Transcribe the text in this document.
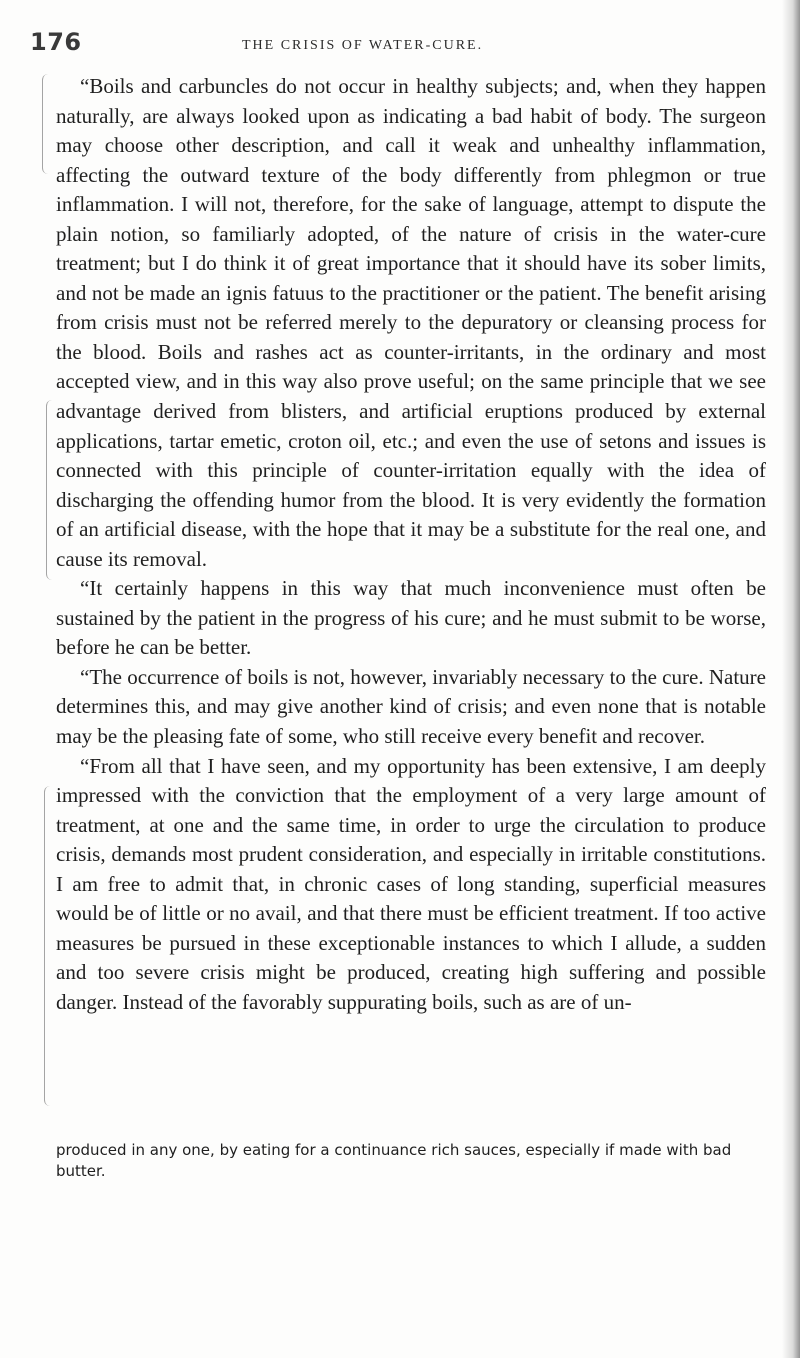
176	THE CRISIS OF WATER-CURE.

“Boils and carbuncles do not occur in healthy subjects; and, when they happen naturally, are always looked upon as indicating a bad habit of body. The surgeon may choose other description, and call it weak and unhealthy inflammation, affecting the outward texture of the body differently from phlegmon or true inflammation. I will not, therefore, for the sake of language, attempt to dispute the plain notion, so familiarly adopted, of the nature of crisis in the water-cure treatment; but I do think it of great importance that it should have its sober limits, and not be made an ignis fatuus to the practitioner or the patient. The benefit arising from crisis must not be referred merely to the depuratory or cleansing process for the blood. Boils and rashes act as counter-irritants, in the ordinary and most accepted view, and in this way also prove useful; on the same principle that we see advantage derived from blisters, and artificial eruptions produced by external applications, tartar emetic, croton oil, etc.; and even the use of setons and issues is connected with this principle of counter-irritation equally with the idea of discharging the offending humor from the blood. It is very evidently the formation of an artificial disease, with the hope that it may be a substitute for the real one, and cause its removal.

“It certainly happens in this way that much inconvenience must often be sustained by the patient in the progress of his cure; and he must submit to be worse, before he can be better.

“The occurrence of boils is not, however, invariably necessary to the cure. Nature determines this, and may give another kind of crisis; and even none that is notable may be the pleasing fate of some, who still receive every benefit and recover.

“From all that I have seen, and my opportunity has been extensive, I am deeply impressed with the conviction that the employment of a very large amount of treatment, at one and the same time, in order to urge the circulation to produce crisis, demands most prudent consideration, and especially in irritable constitutions. I am free to admit that, in chronic cases of long standing, superficial measures would be of little or no avail, and that there must be efficient treatment. If too active measures be pursued in these exceptionable instances to which I allude, a sudden and too severe crisis might be produced, creating high suffering and possible danger. Instead of the favorably suppurating boils, such as are of un-

produced in any one, by eating for a continuance rich sauces, especially if made with bad butter.
